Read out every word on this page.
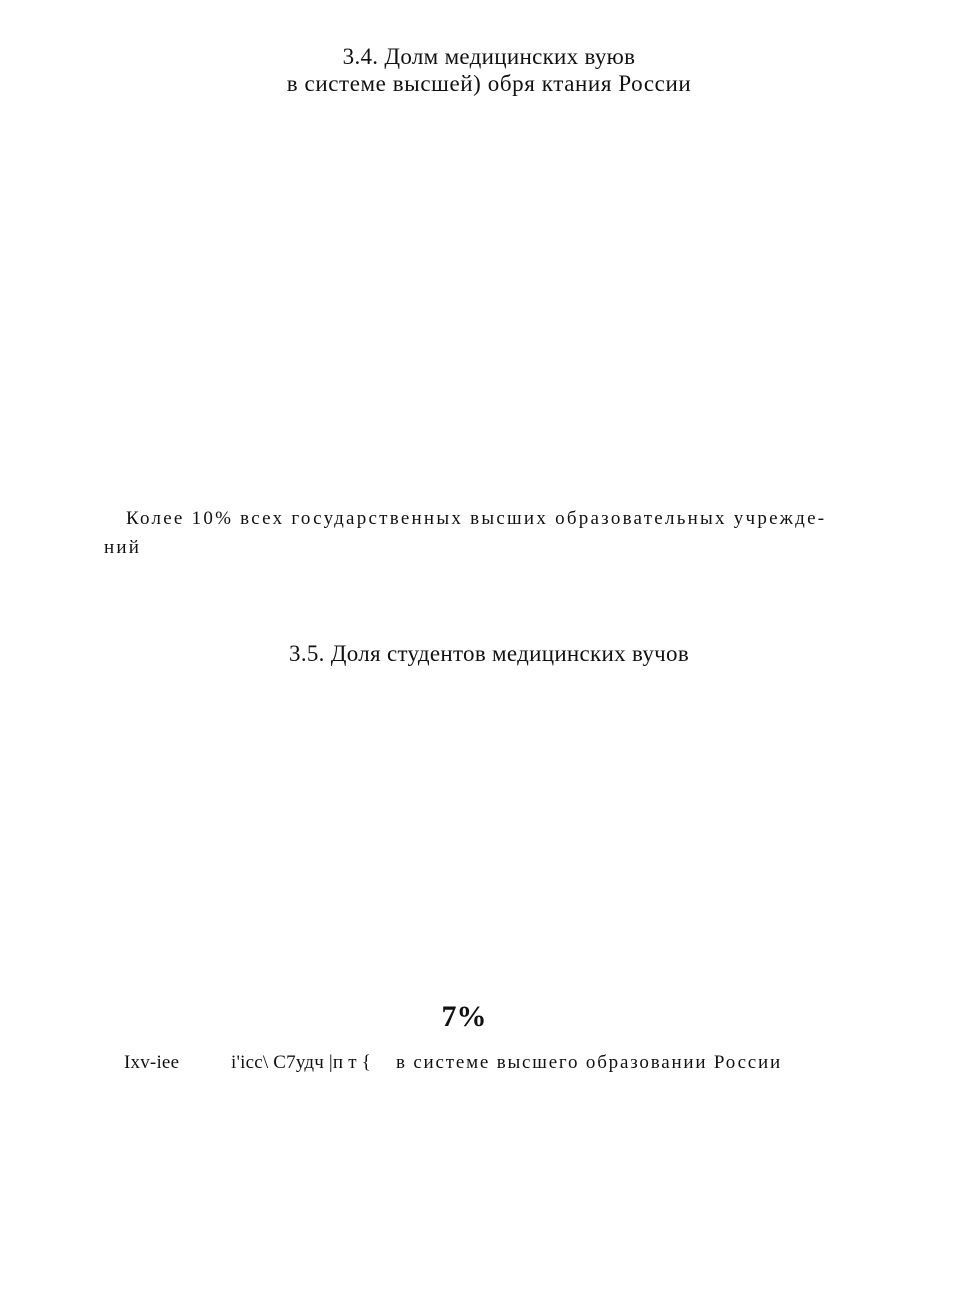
3.4. Долм медицинских вуюв

в системе высшей) обря ктания России

Колее 10% всех государственных высших образовательных учрежде-

ний

3.5. Доля студентов медицинских вучов

7%

Ixv-iee	i'icc\ С7удч |п т { в системе высшего образовании России
